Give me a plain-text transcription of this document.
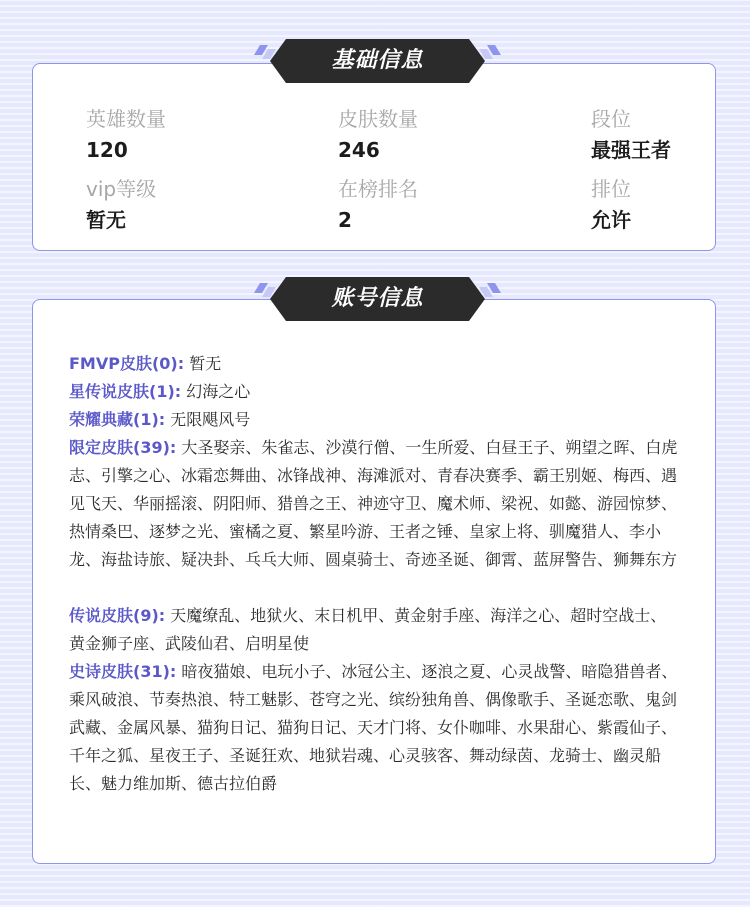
英雄数量
120
皮肤数量
246
段位
最强王者
vip等级
暂无
在榜排名
2
排位
允许

FMVP皮肤(0): 暂无

星传说皮肤(1): 幻海之心

荣耀典藏(1): 无限飓风号

限定皮肤(39): 大圣娶亲、朱雀志、沙漠行僧、一生所爱、白昼王子、朔望之晖、白虎志、引擎之心、冰霜恋舞曲、冰锋战神、海滩派对、青春决赛季、霸王别姬、梅西、遇见飞天、华丽摇滚、阴阳师、猎兽之王、神迹守卫、魔术师、梁祝、如懿、游园惊梦、热情桑巴、逐梦之光、蜜橘之夏、繁星吟游、王者之锤、皇家上将、驯魔猎人、李小龙、海盐诗旅、疑决卦、乓乓大师、圆桌骑士、奇迹圣诞、御霄、蓝屏警告、狮舞东方

传说皮肤(9): 天魔缭乱、地狱火、末日机甲、黄金射手座、海洋之心、超时空战士、黄金狮子座、武陵仙君、启明星使

史诗皮肤(31): 暗夜猫娘、电玩小子、冰冠公主、逐浪之夏、心灵战警、暗隐猎兽者、乘风破浪、节奏热浪、特工魅影、苍穹之光、缤纷独角兽、偶像歌手、圣诞恋歌、鬼剑武藏、金属风暴、猫狗日记、猫狗日记、天才门将、女仆咖啡、水果甜心、紫霞仙子、千年之狐、星夜王子、圣诞狂欢、地狱岩魂、心灵骇客、舞动绿茵、龙骑士、幽灵船长、魅力维加斯、德古拉伯爵

基础信息
账号信息
